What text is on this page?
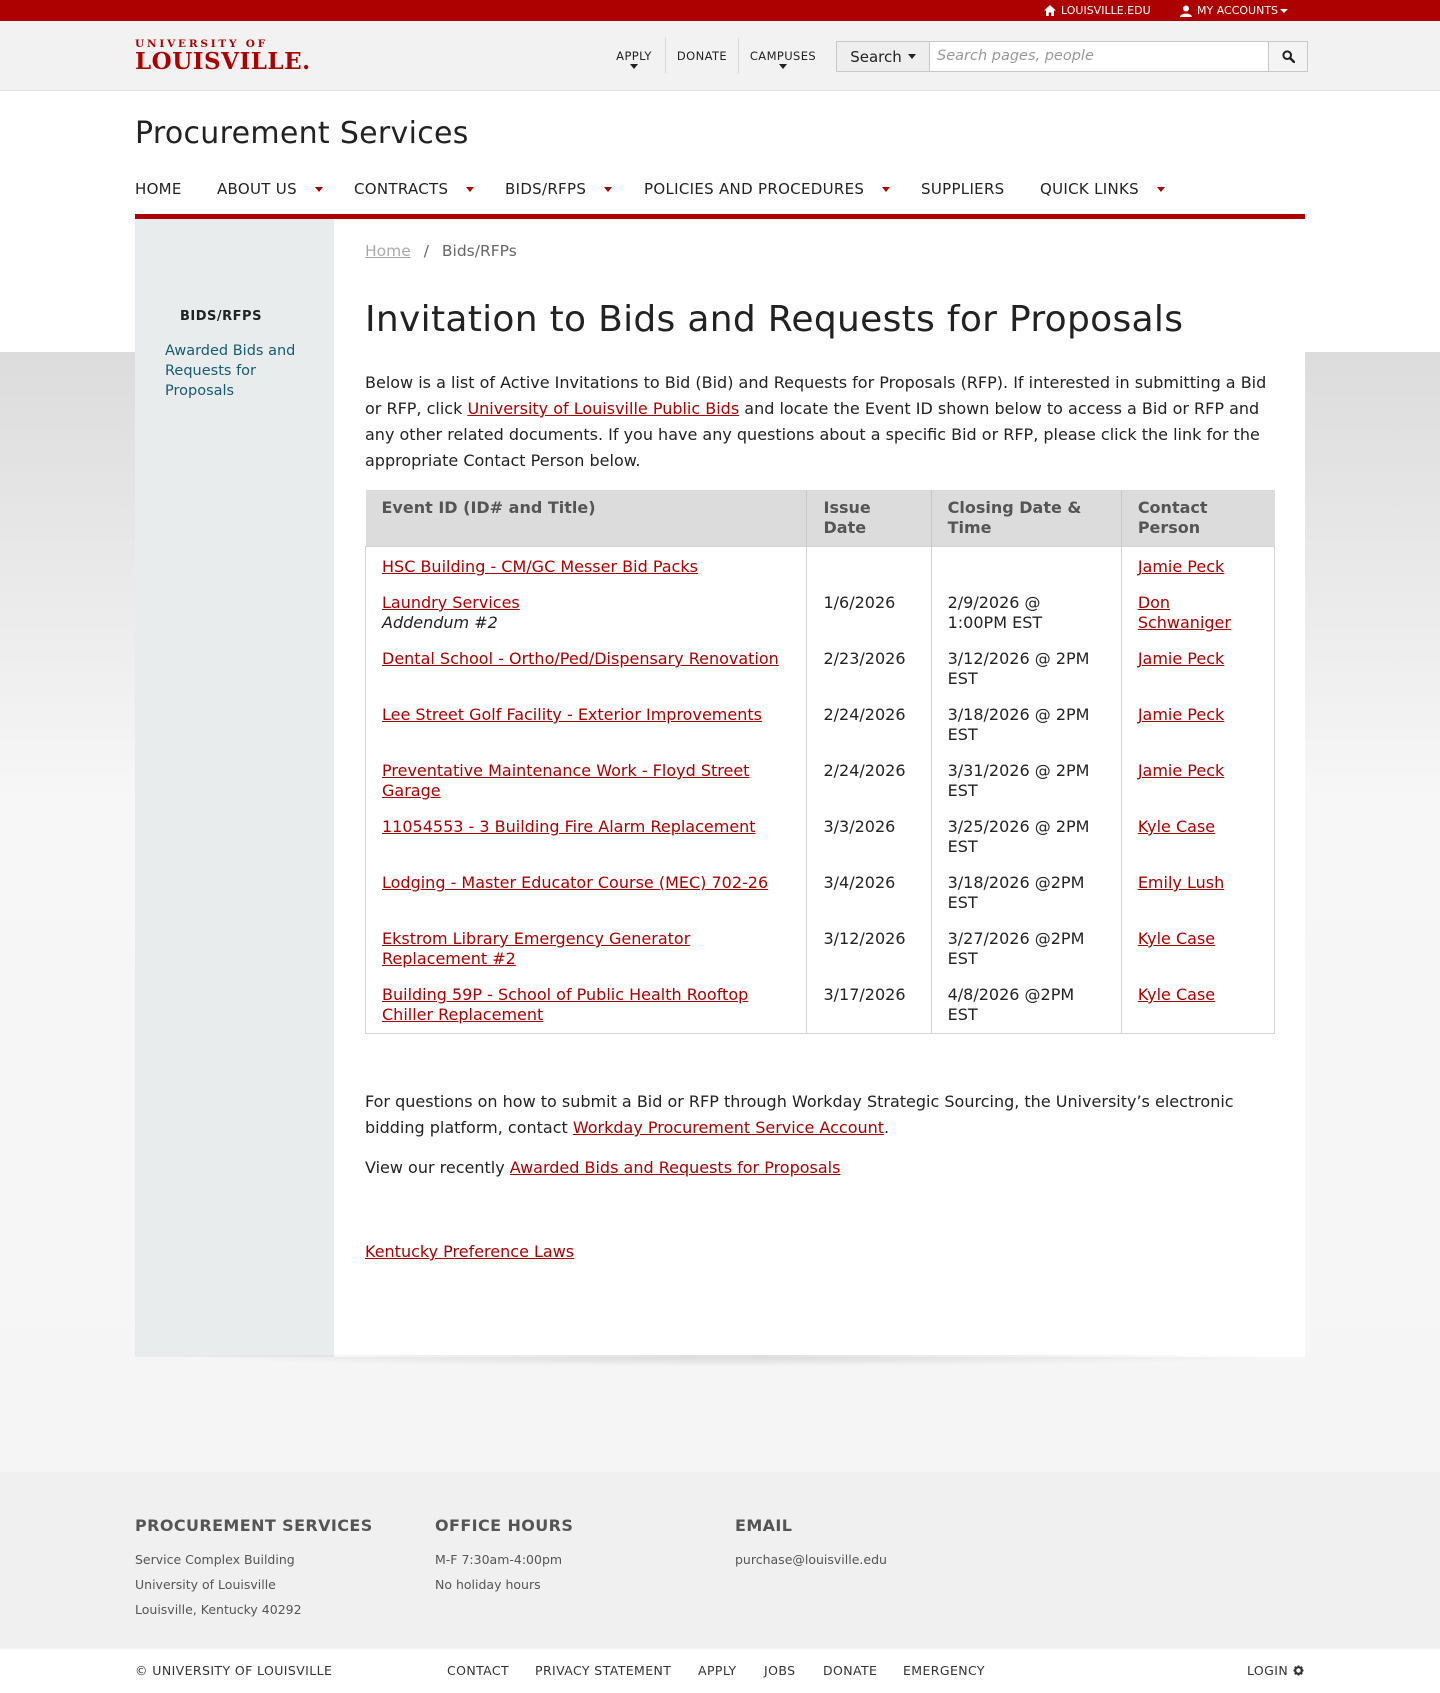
LOUISVILLE.EDU	MY ACCOUNTS
UNIVERSITY OF
LOUISVILLE.	APPLY DONATE CAMPUSES Search Search pages, people
Procurement Services
HOME ABOUT US	CONTRACTS	BIDS/RFPS	POLICIES AND PROCEDURES	SUPPLIERS QUICK LINKS
BIDS/RFPS
Awarded Bids and Requests for Proposals
Home / Bids/RFPs
Invitation to Bids and Requests for Proposals
Below is a list of Active Invitations to Bid (Bid) and Requests for Proposals (RFP). If interested in submitting a Bid or RFP, click University of Louisville Public Bids and locate the Event ID shown below to access a Bid or RFP and any other related documents. If you have any questions about a specific Bid or RFP, please click the link for the appropriate Contact Person below.
Event ID (ID# and Title)	Issue Date	Closing Date & Time	Contact Person
HSC Building - CM/GC Messer Bid Packs			Jamie Peck
Laundry Services
Addendum #2	1/6/2026	2/9/2026 @ 1:00PM EST	Don Schwaniger
Dental School - Ortho/Ped/Dispensary Renovation	2/23/2026	3/12/2026 @ 2PM EST	Jamie Peck
Lee Street Golf Facility - Exterior Improvements	2/24/2026	3/18/2026 @ 2PM EST	Jamie Peck
Preventative Maintenance Work - Floyd Street Garage	2/24/2026	3/31/2026 @ 2PM EST	Jamie Peck
11054553 - 3 Building Fire Alarm Replacement	3/3/2026	3/25/2026 @ 2PM EST	Kyle Case
Lodging - Master Educator Course (MEC) 702-26	3/4/2026	3/18/2026 @2PM EST	Emily Lush
Ekstrom Library Emergency Generator Replacement #2	3/12/2026	3/27/2026 @2PM EST	Kyle Case
Building 59P - School of Public Health Rooftop Chiller Replacement	3/17/2026	4/8/2026 @2PM EST	Kyle Case
For questions on how to submit a Bid or RFP through Workday Strategic Sourcing, the University’s electronic bidding platform, contact Workday Procurement Service Account.
View our recently Awarded Bids and Requests for Proposals
Kentucky Preference Laws
PROCUREMENT SERVICES
Service Complex Building
University of Louisville
Louisville, Kentucky 40292
OFFICE HOURS
M-F 7:30am-4:00pm
No holiday hours
EMAIL
purchase@louisville.edu
© UNIVERSITY OF LOUISVILLE	CONTACT PRIVACY STATEMENT APPLY JOBS DONATE EMERGENCY	LOGIN
